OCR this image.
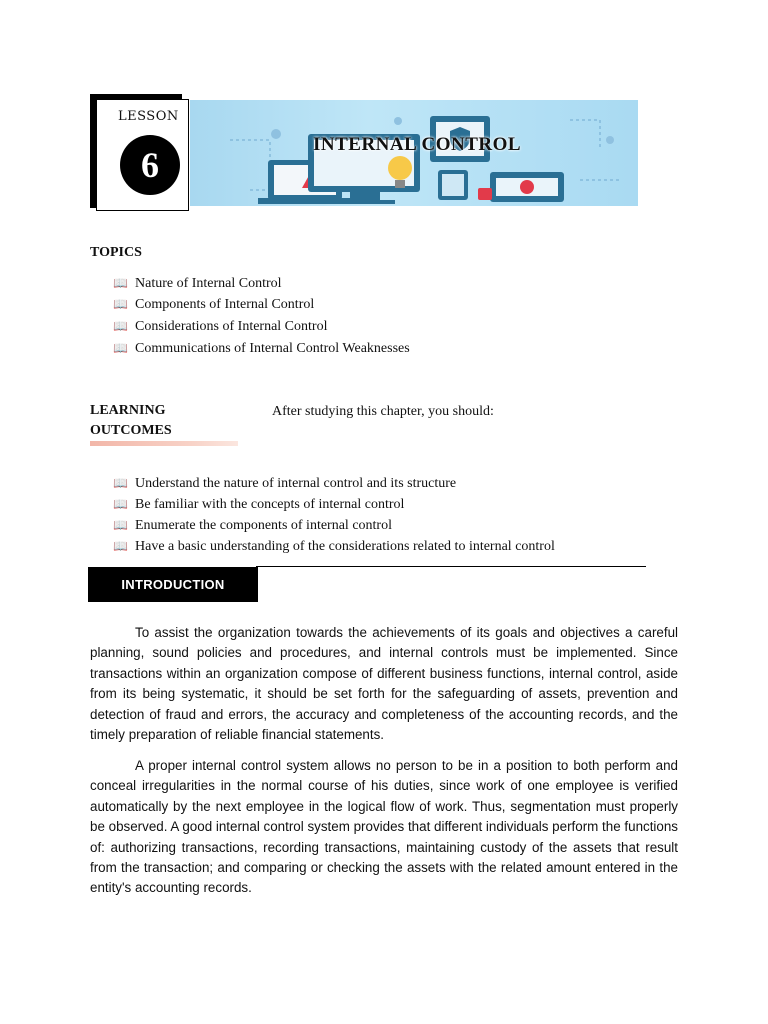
LESSON
6
INTERNAL CONTROL
TOPICS
📖 Nature of Internal Control
📖 Components of Internal Control
📖 Considerations of Internal Control
📖 Communications of Internal Control Weaknesses
LEARNING
OUTCOMES
After studying this chapter, you should:
📖 Understand the nature of internal control and its structure
📖 Be familiar with the concepts of internal control
📖 Enumerate the components of internal control
📖 Have a basic understanding of the considerations related to internal control
INTRODUCTION
To assist the organization towards the achievements of its goals and objectives a careful planning, sound policies and procedures, and internal controls must be implemented. Since transactions within an organization compose of different business functions, internal control, aside from its being systematic, it should be set forth for the safeguarding of assets, prevention and detection of fraud and errors, the accuracy and completeness of the accounting records, and the timely preparation of reliable financial statements.
A proper internal control system allows no person to be in a position to both perform and conceal irregularities in the normal course of his duties, since work of one employee is verified automatically by the next employee in the logical flow of work. Thus, segmentation must properly be observed. A good internal control system provides that different individuals perform the functions of: authorizing transactions, recording transactions, maintaining custody of the assets that result from the transaction; and comparing or checking the assets with the related amount entered in the entity's accounting records.
